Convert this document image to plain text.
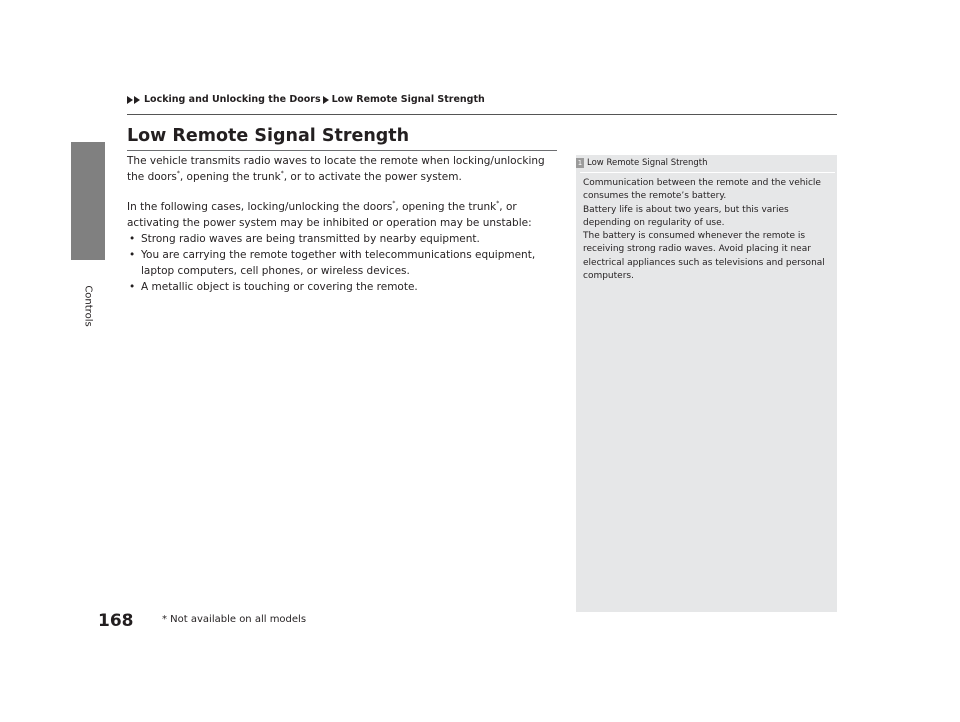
Controls
Locking and Unlocking the Doors Low Remote Signal Strength
Low Remote Signal Strength

The vehicle transmits radio waves to locate the remote when locking/unlocking the doors*, opening the trunk*, or to activate the power system.

In the following cases, locking/unlocking the doors*, opening the trunk*, or activating the power system may be inhibited or operation may be unstable:

• Strong radio waves are being transmitted by nearby equipment.
• You are carrying the remote together with telecommunications equipment, laptop computers, cell phones, or wireless devices.
• A metallic object is touching or covering the remote.
1 Low Remote Signal Strength
Communication between the remote and the vehicle consumes the remote’s battery.
Battery life is about two years, but this varies depending on regularity of use.
The battery is consumed whenever the remote is receiving strong radio waves. Avoid placing it near electrical appliances such as televisions and personal computers.
168	* Not available on all models
